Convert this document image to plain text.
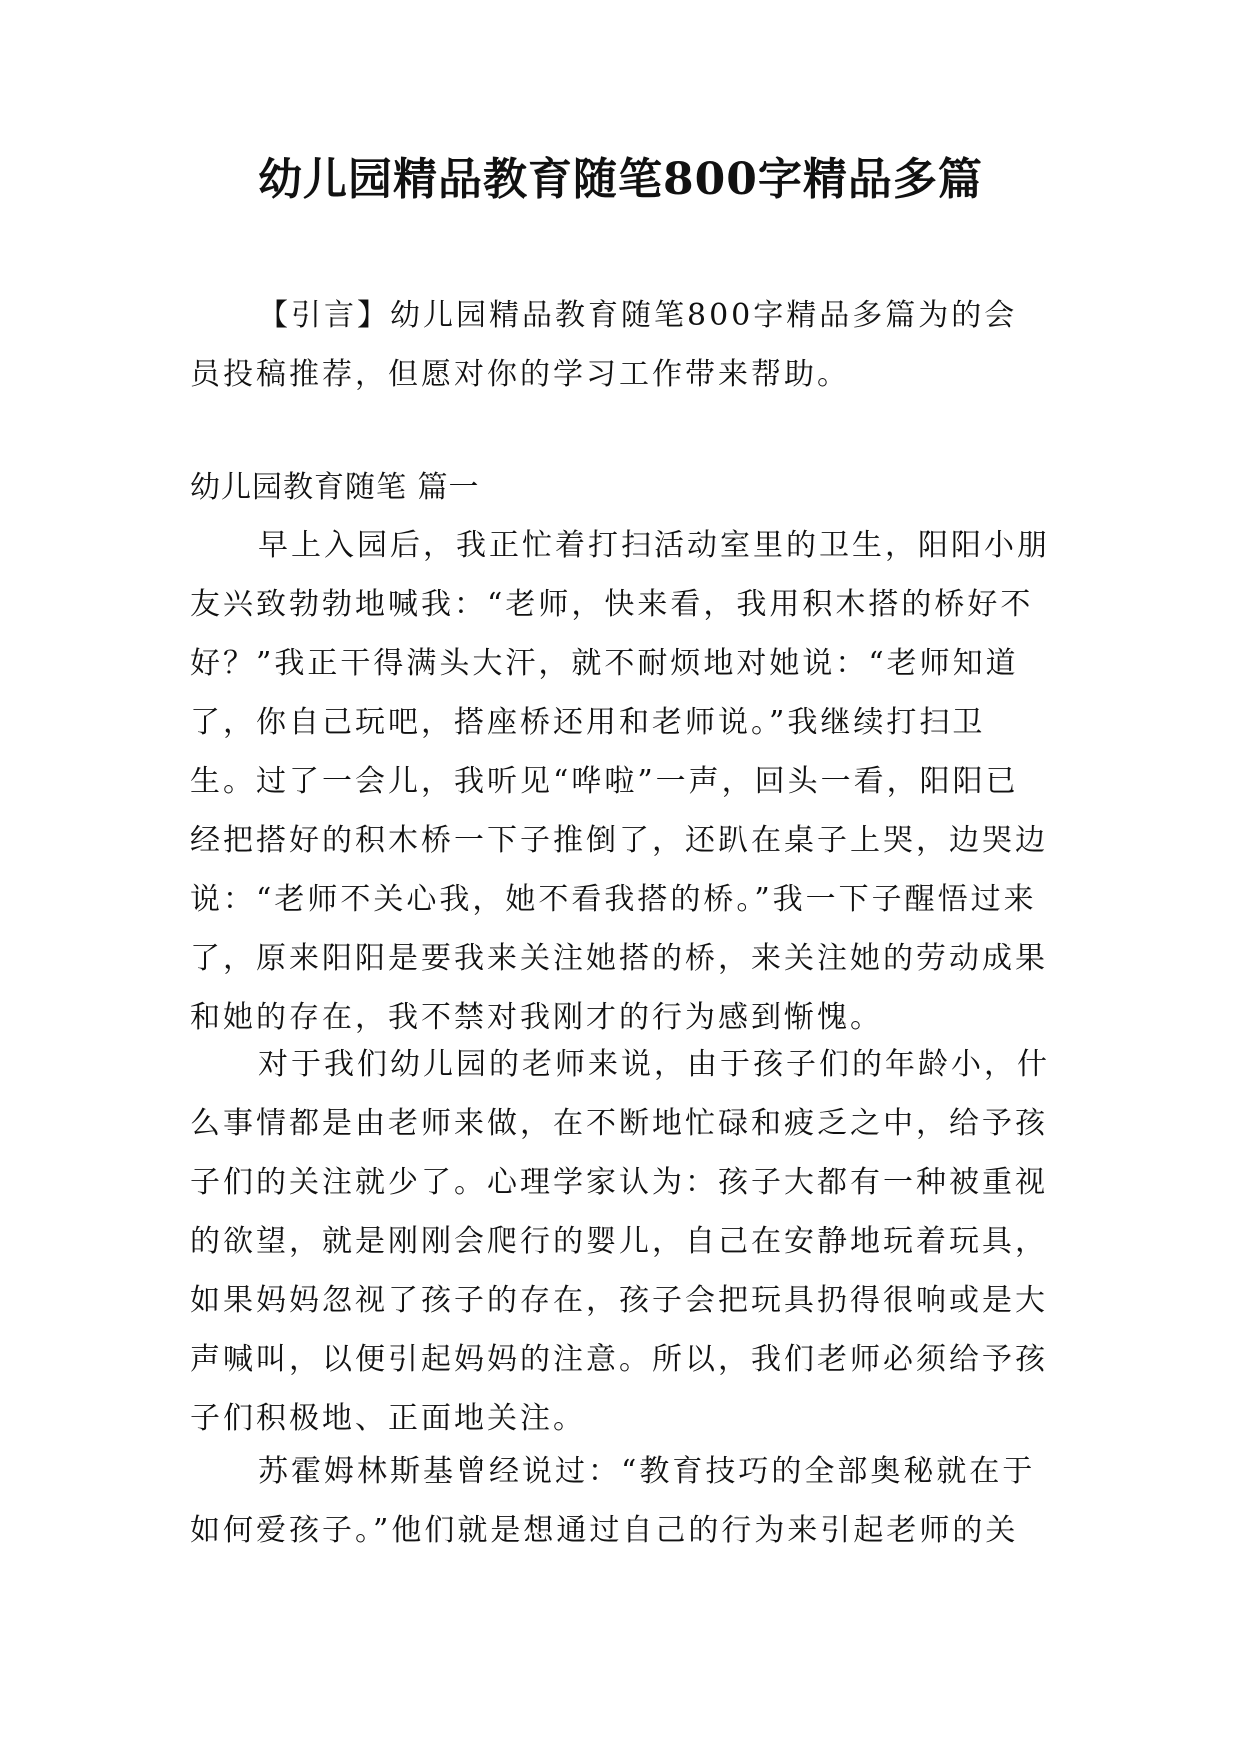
幼儿园精品教育随笔800字精品多篇

【引言】幼儿园精品教育随笔800字精品多篇为的会员投稿推荐，但愿对你的学习工作带来帮助。

幼儿园教育随笔 篇一

早上入园后，我正忙着打扫活动室里的卫生，阳阳小朋友兴致勃勃地喊我：“老师，快来看，我用积木搭的桥好不好？”我正干得满头大汗，就不耐烦地对她说：“老师知道了，你自己玩吧，搭座桥还用和老师说。”我继续打扫卫生。过了一会儿，我听见“哗啦”一声，回头一看，阳阳已经把搭好的积木桥一下子推倒了，还趴在桌子上哭，边哭边说：“老师不关心我，她不看我搭的桥。”我一下子醒悟过来了，原来阳阳是要我来关注她搭的桥，来关注她的劳动成果和她的存在，我不禁对我刚才的行为感到惭愧。

对于我们幼儿园的老师来说，由于孩子们的年龄小，什么事情都是由老师来做，在不断地忙碌和疲乏之中，给予孩子们的关注就少了。心理学家认为：孩子大都有一种被重视的欲望，就是刚刚会爬行的婴儿，自己在安静地玩着玩具，如果妈妈忽视了孩子的存在，孩子会把玩具扔得很响或是大声喊叫，以便引起妈妈的注意。所以，我们老师必须给予孩子们积极地、正面地关注。

苏霍姆林斯基曾经说过：“教育技巧的全部奥秘就在于如何爱孩子。”他们就是想通过自己的行为来引起老师的关
